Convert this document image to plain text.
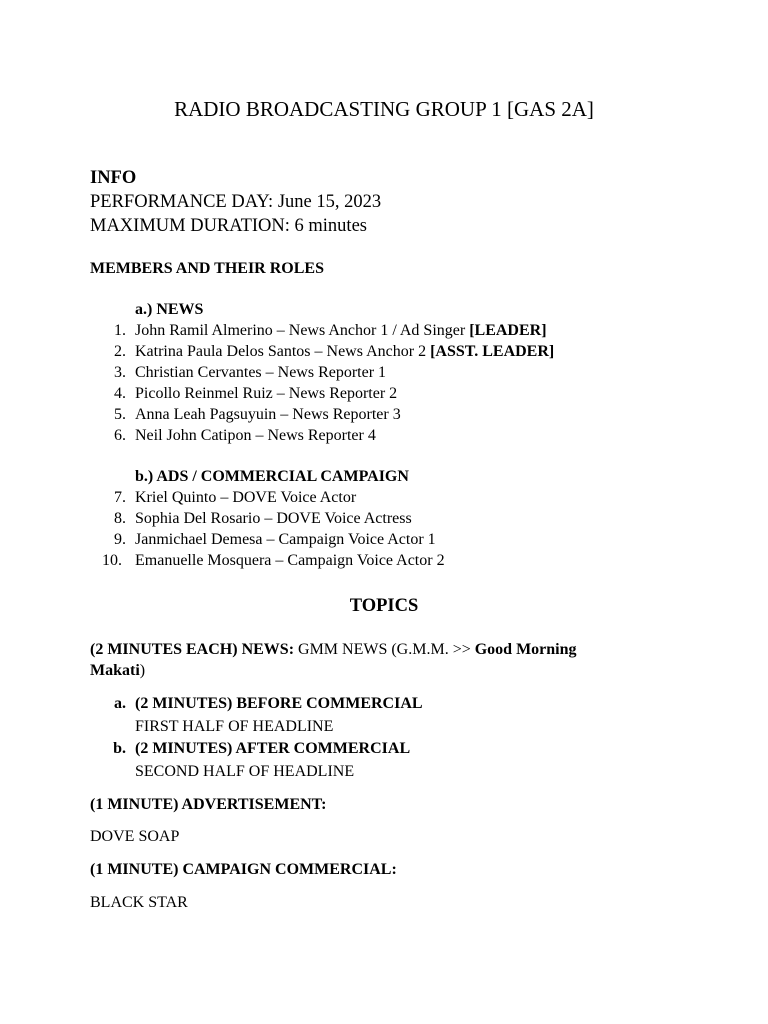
RADIO BROADCASTING GROUP 1 [GAS 2A]
INFO
PERFORMANCE DAY: June 15, 2023
MAXIMUM DURATION: 6 minutes
MEMBERS AND THEIR ROLES
a.) NEWS
1. John Ramil Almerino – News Anchor 1 / Ad Singer [LEADER]
2. Katrina Paula Delos Santos – News Anchor 2 [ASST. LEADER]
3. Christian Cervantes – News Reporter 1
4. Picollo Reinmel Ruiz – News Reporter 2
5. Anna Leah Pagsuyuin – News Reporter 3
6. Neil John Catipon – News Reporter 4
b.) ADS / COMMERCIAL CAMPAIGN
7. Kriel Quinto – DOVE Voice Actor
8. Sophia Del Rosario – DOVE Voice Actress
9. Janmichael Demesa – Campaign Voice Actor 1
10. Emanuelle Mosquera – Campaign Voice Actor 2
TOPICS
(2 MINUTES EACH) NEWS: GMM NEWS (G.M.M. >> Good Morning
Makati)
a. (2 MINUTES) BEFORE COMMERCIAL
FIRST HALF OF HEADLINE
b. (2 MINUTES) AFTER COMMERCIAL
SECOND HALF OF HEADLINE
(1 MINUTE) ADVERTISEMENT:
DOVE SOAP
(1 MINUTE) CAMPAIGN COMMERCIAL:
BLACK STAR
